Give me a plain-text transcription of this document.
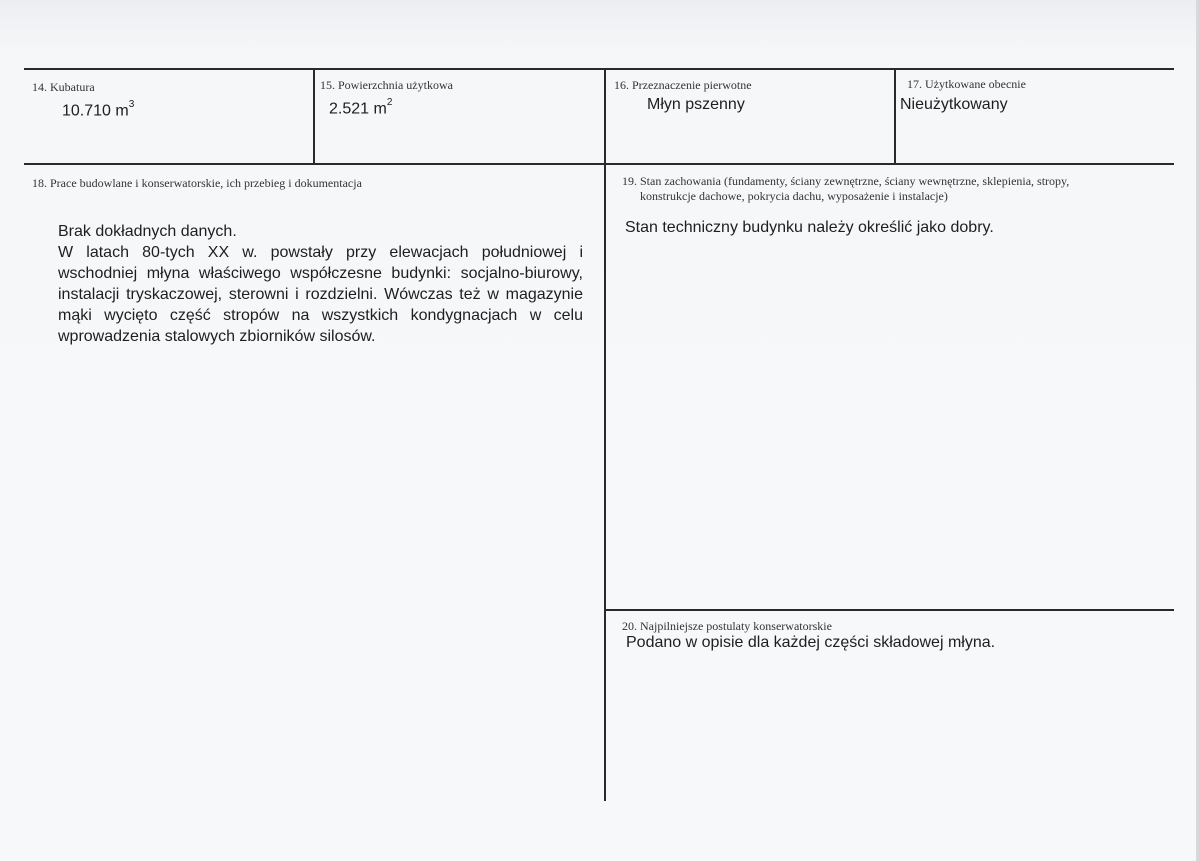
14. Kubatura
10.710 $m^3$
15. Powierzchnia użytkowa
2.521 $m^2$
16. Przeznaczenie pierwotne
Młyn pszenny
17. Użytkowane obecnie
Nieużytkowany
18. Prace budowlane i konserwatorskie, ich przebieg i dokumentacja

Brak dokładnych danych.

W latach 80-tych XX w. powstały przy elewacjach południowej i wschodniej młyna właściwego współczesne budynki: socjalno-biurowy, instalacji tryskaczowej, sterowni i rozdzielni. Wówczas też w magazynie mąki wycięto część stropów na wszystkich kondygnacjach w celu wprowadzenia stalowych zbiorników silosów.

19. Stan zachowania (fundamenty, ściany zewnętrzne, ściany wewnętrzne, sklepienia, stropy,
konstrukcje dachowe, pokrycia dachu, wyposażenie i instalacje)
Stan techniczny budynku należy określić jako dobry.
20. Najpilniejsze postulaty konserwatorskie
Podano w opisie dla każdej części składowej młyna.
